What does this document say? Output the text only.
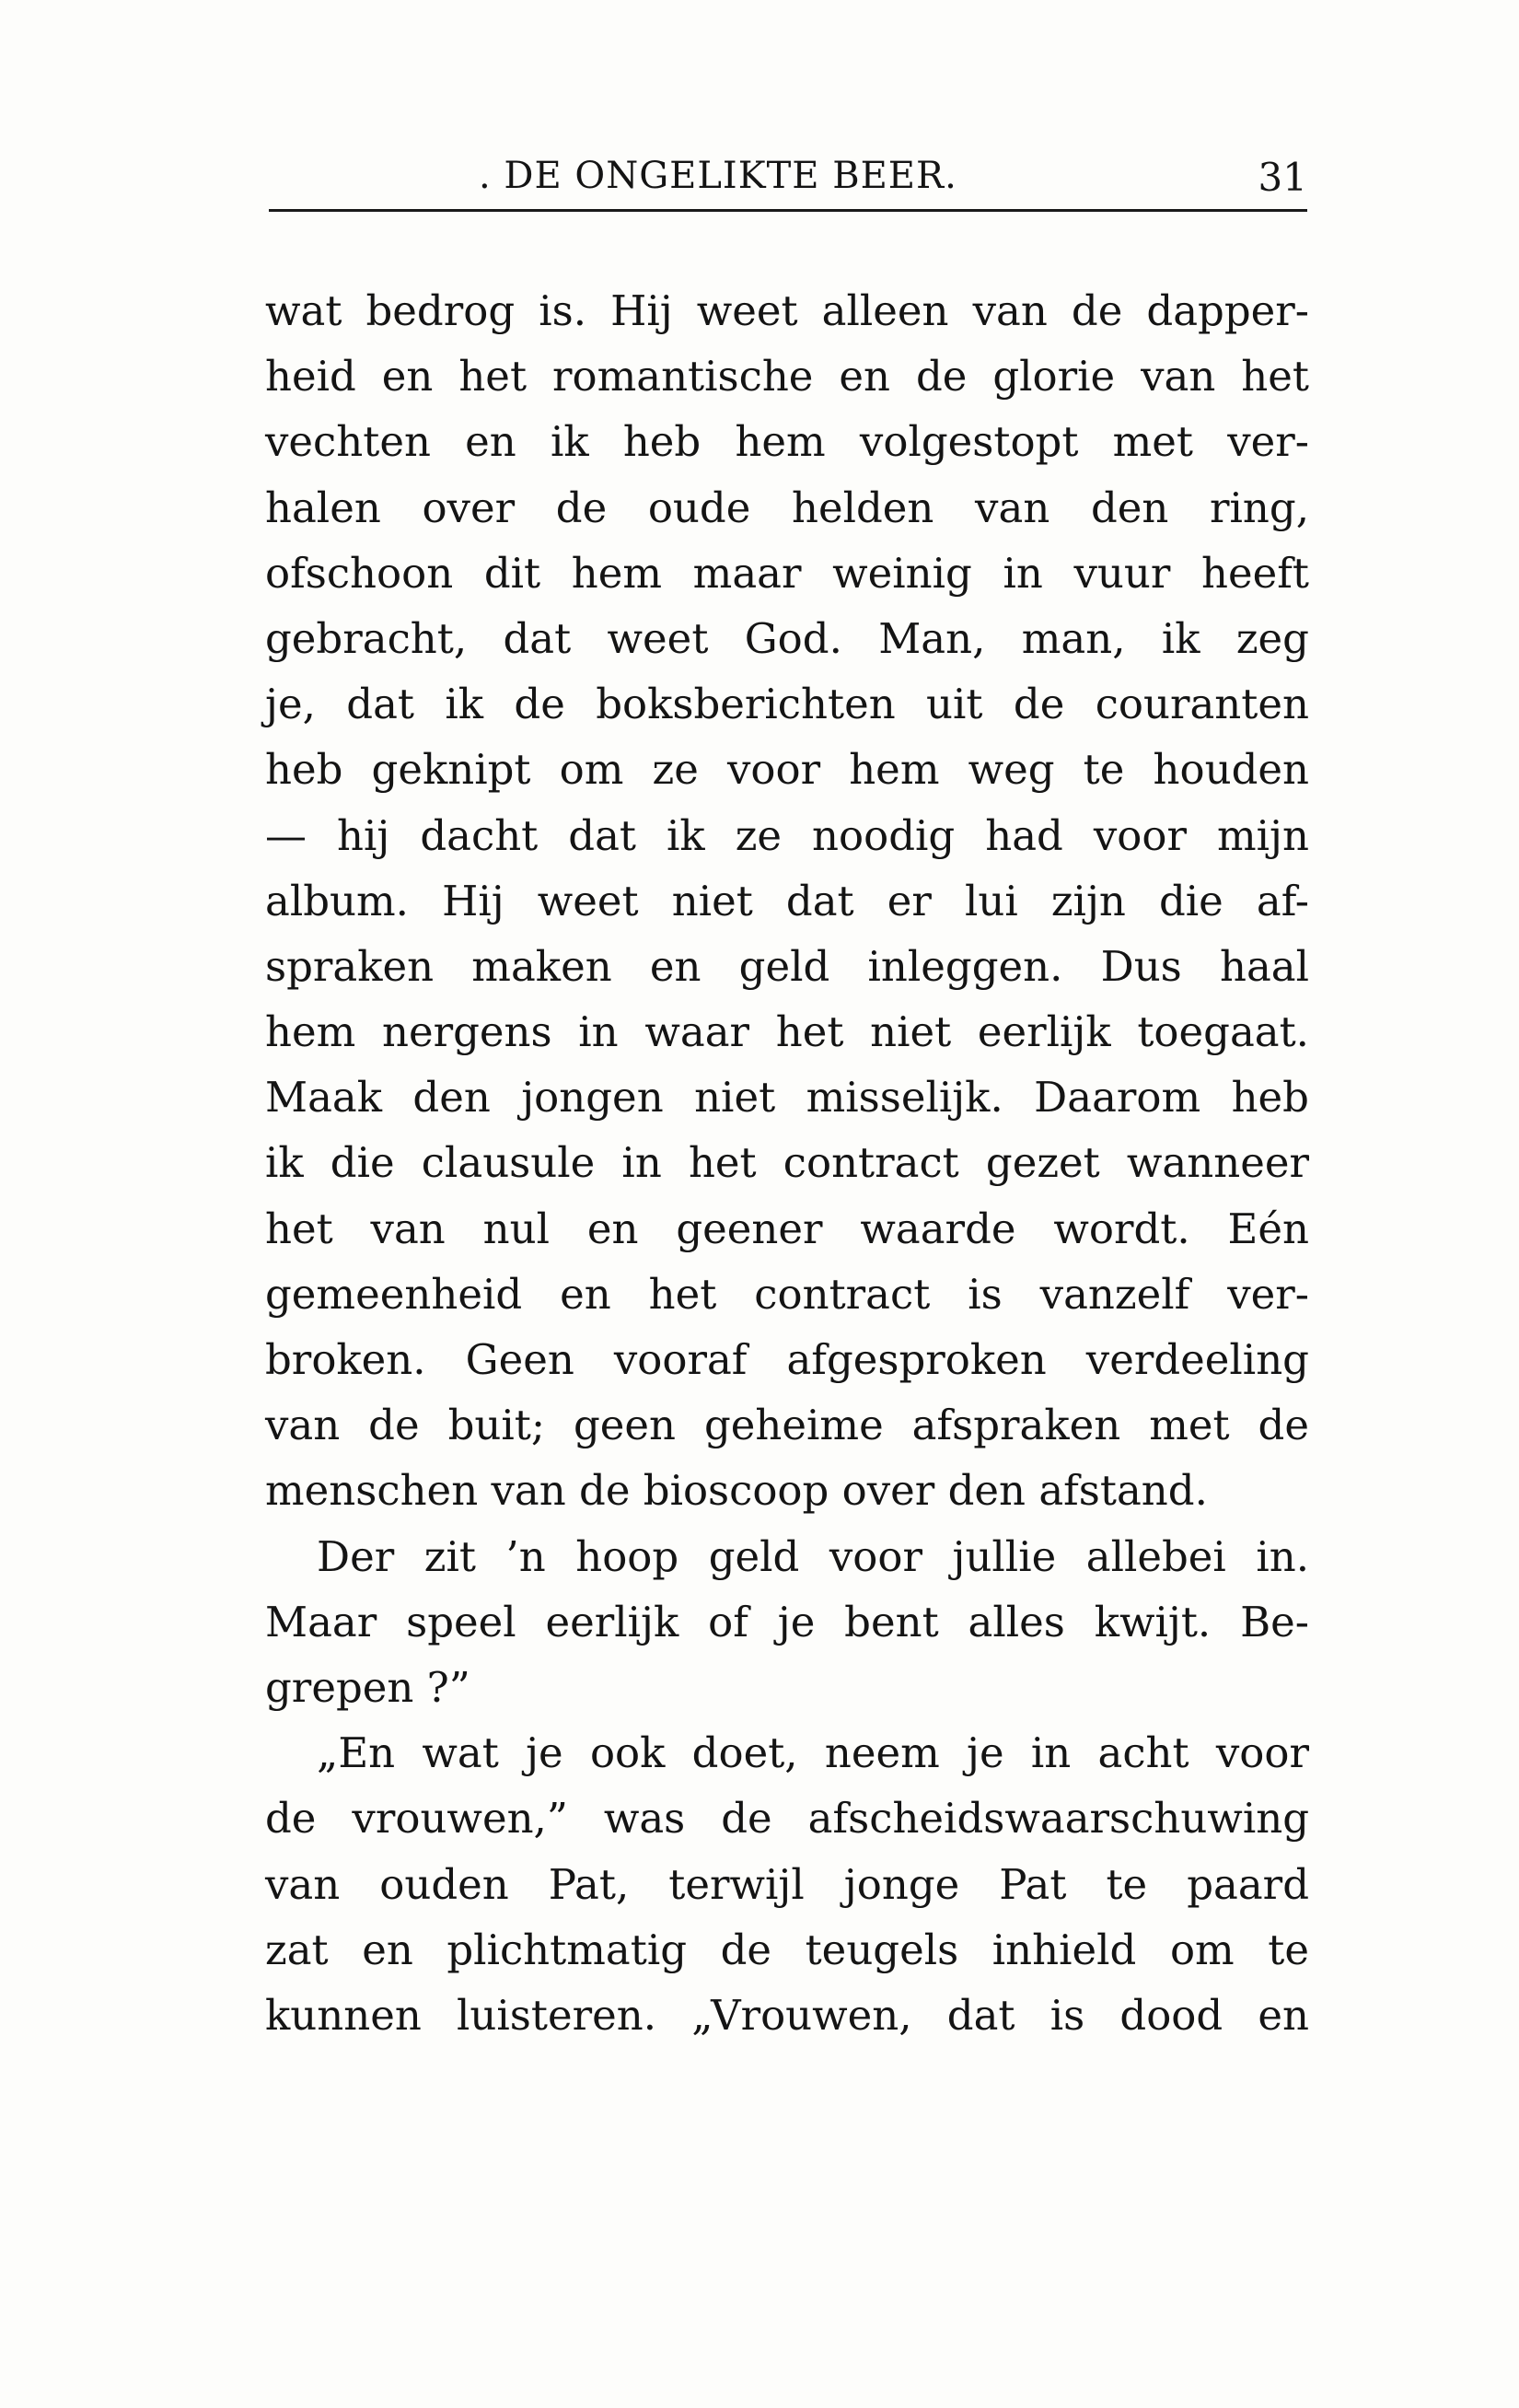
. DE ONGELIKTE BEER.	31
wat bedrog is. Hij weet alleen van de dapper-
heid en het romantische en de glorie van het
vechten en ik heb hem volgestopt met ver-
halen over de oude helden van den ring,
ofschoon dit hem maar weinig in vuur heeft
gebracht, dat weet God. Man, man, ik zeg
je, dat ik de boksberichten uit de couranten
heb geknipt om ze voor hem weg te houden
— hij dacht dat ik ze noodig had voor mijn
album. Hij weet niet dat er lui zijn die af-
spraken maken en geld inleggen. Dus haal
hem nergens in waar het niet eerlijk toegaat.
Maak den jongen niet misselijk. Daarom heb
ik die clausule in het contract gezet wanneer
het van nul en geener waarde wordt. Eén
gemeenheid en het contract is vanzelf ver-
broken. Geen vooraf afgesproken verdeeling
van de buit; geen geheime afspraken met de
menschen van de bioscoop over den afstand.
Der zit ’n hoop geld voor jullie allebei in.
Maar speel eerlijk of je bent alles kwijt. Be-
grepen ?”
„En wat je ook doet, neem je in acht voor
de vrouwen,” was de afscheidswaarschuwing
van ouden Pat, terwijl jonge Pat te paard
zat en plichtmatig de teugels inhield om te
kunnen luisteren. „Vrouwen, dat is dood en
